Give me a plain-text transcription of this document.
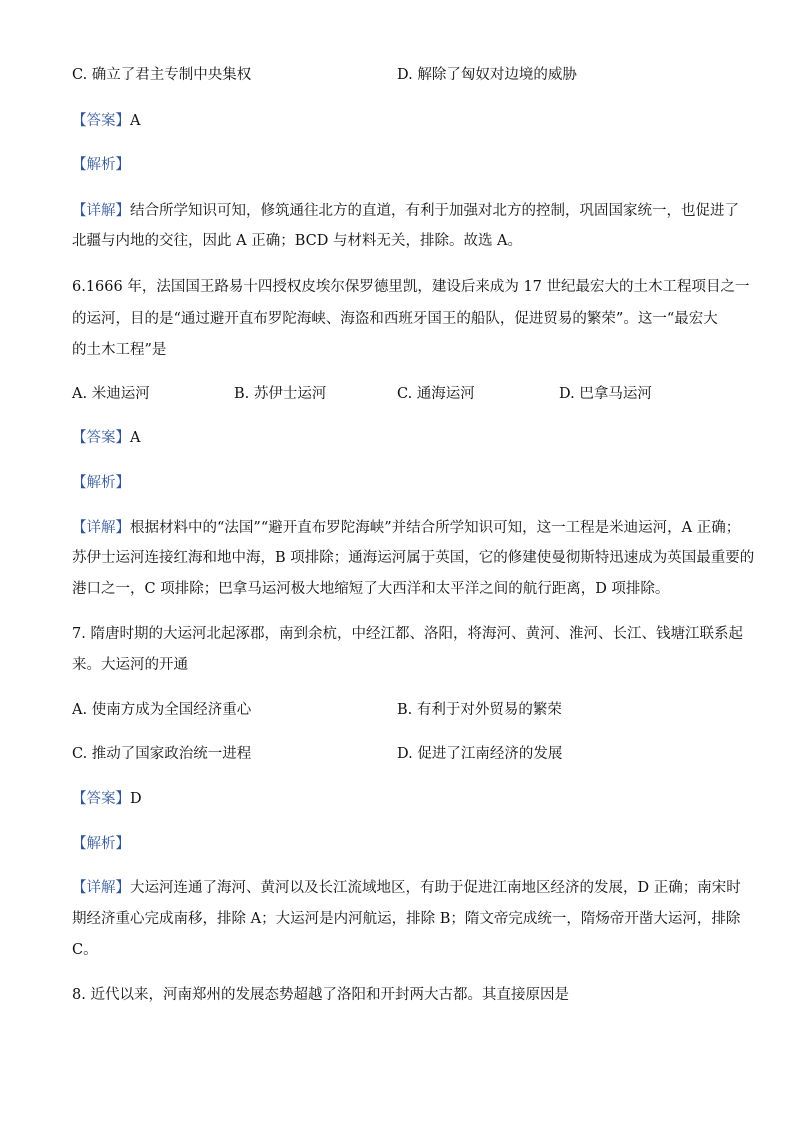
C. 确立了君主专制中央集权	D. 解除了匈奴对边境的威胁
【答案】A
【解析】
【详解】结合所学知识可知，修筑通往北方的直道，有利于加强对北方的控制，巩固国家统一，也促进了
北疆与内地的交往，因此 A 正确；BCD 与材料无关，排除。故选 A。
6.1666 年，法国国王路易十四授权皮埃尔保罗德里凯，建设后来成为 17 世纪最宏大的土木工程项目之一
的运河，目的是“通过避开直布罗陀海峡、海盗和西班牙国王的船队，促进贸易的繁荣”。这一“最宏大
的土木工程”是
A. 米迪运河	B. 苏伊士运河	C. 通海运河	D. 巴拿马运河
【答案】A
【解析】
【详解】根据材料中的“法国”“避开直布罗陀海峡”并结合所学知识可知，这一工程是米迪运河，A 正确；
苏伊士运河连接红海和地中海，B 项排除；通海运河属于英国，它的修建使曼彻斯特迅速成为英国最重要的
港口之一，C 项排除；巴拿马运河极大地缩短了大西洋和太平洋之间的航行距离，D 项排除。
7. 隋唐时期的大运河北起涿郡，南到余杭，中经江都、洛阳，将海河、黄河、淮河、长江、钱塘江联系起
来。大运河的开通
A. 使南方成为全国经济重心	B. 有利于对外贸易的繁荣
C. 推动了国家政治统一进程	D. 促进了江南经济的发展
【答案】D
【解析】
【详解】大运河连通了海河、黄河以及长江流域地区，有助于促进江南地区经济的发展，D 正确；南宋时
期经济重心完成南移，排除 A；大运河是内河航运，排除 B；隋文帝完成统一，隋炀帝开凿大运河，排除
C。
8. 近代以来，河南郑州的发展态势超越了洛阳和开封两大古都。其直接原因是
